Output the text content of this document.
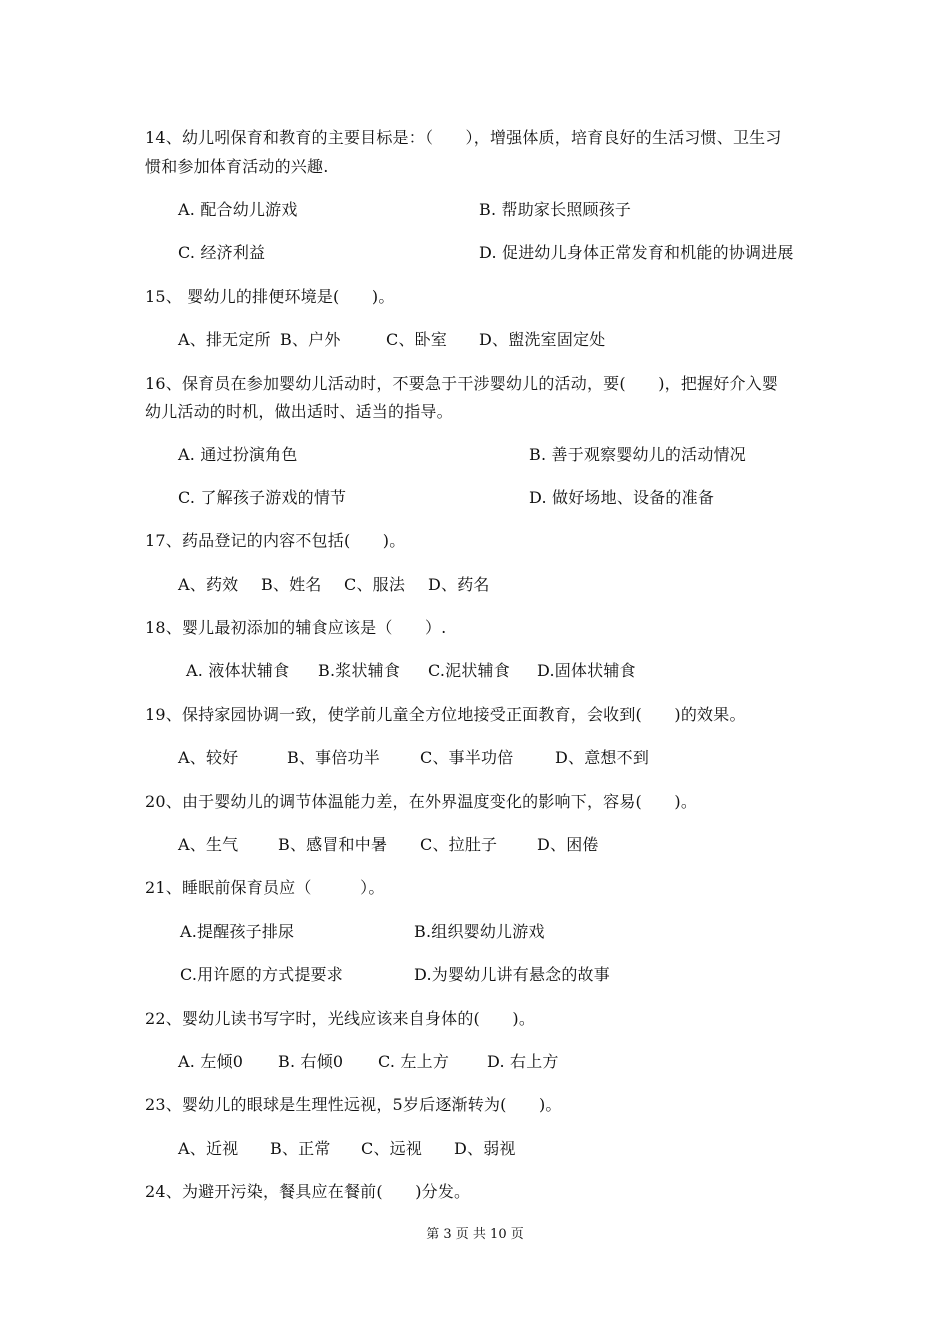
14、幼儿吲保育和教育的主要目标是：（　　），增强体质，培育良好的生活习惯、卫生习
惯和参加体育活动的兴趣.
A. 配合幼儿游戏	B. 帮助家长照顾孩子
C. 经济利益	D. 促进幼儿身体正常发育和机能的协调进展
15、 婴幼儿的排便环境是(　　)。
A、排无定所 B、户外	C、卧室 D、盥洗室固定处
16、保育员在参加婴幼儿活动时，不要急于干涉婴幼儿的活动，要(　　)，把握好介入婴
幼儿活动的时机，做出适时、适当的指导。
A. 通过扮演角色	B. 善于观察婴幼儿的活动情况
C. 了解孩子游戏的情节	D. 做好场地、设备的准备
17、药品登记的内容不包括(　　)。
A、药效 B、姓名 C、服法 D、药名
18、婴儿最初添加的辅食应该是（　　）.
A. 液体状辅食 B.浆状辅食 C.泥状辅食 D.固体状辅食
19、保持家园协调一致，使学前儿童全方位地接受正面教育，会收到(　　)的效果。
A、较好	B、事倍功半	C、事半功倍	D、意想不到
20、由于婴幼儿的调节体温能力差，在外界温度变化的影响下，容易(　　)。
A、生气 B、感冒和中暑 C、拉肚子 D、困倦
21、睡眠前保育员应（　　　）。
A.提醒孩子排尿	B.组织婴幼儿游戏
C.用许愿的方式提要求	D.为婴幼儿讲有悬念的故事
22、婴幼儿读书写字时，光线应该来自身体的(　　)。
A. 左倾0 B. 右倾0 C. 左上方 D. 右上方
23、婴幼儿的眼球是生理性远视，5岁后逐渐转为(　　)。
A、近视 B、正常 C、远视 D、弱视
24、为避开污染，餐具应在餐前(　　)分发。
第 3 页 共 10 页
